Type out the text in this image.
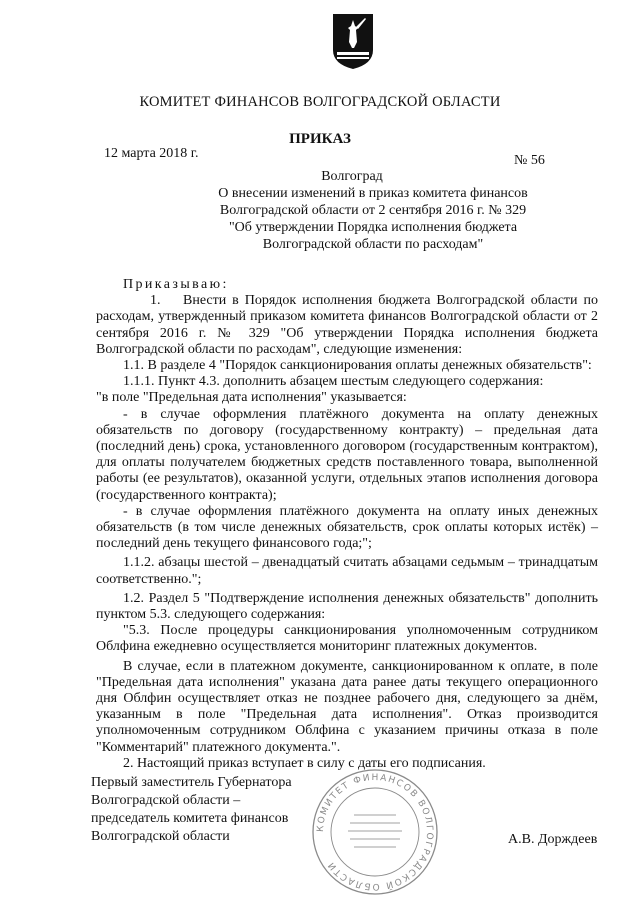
КОМИТЕТ ФИНАНСОВ ВОЛГОГРАДСКОЙ ОБЛАСТИ
ПРИКАЗ
12 марта 2018 г.	№ 56
Волгоград
О внесении изменений в приказ комитета финансов
Волгоградской области от 2 сентября 2016 г. № 329
"Об утверждении Порядка исполнения бюджета
Волгоградской области по расходам"

Приказываю:

1. Внести в Порядок исполнения бюджета Волгоградской области по расходам, утвержденный приказом комитета финансов Волгоградской области от 2 сентября 2016 г. № 329 "Об утверждении Порядка исполнения бюджета Волгоградской области по расходам", следующие изменения:

1.1. В разделе 4 "Порядок санкционирования оплаты денежных обязательств":

1.1.1. Пункт 4.3. дополнить абзацем шестым следующего содержания:

"в поле "Предельная дата исполнения" указывается:

- в случае оформления платёжного документа на оплату денежных обязательств по договору (государственному контракту) – предельная дата (последний день) срока, установленного договором (государственным контрактом), для оплаты получателем бюджетных средств поставленного товара, выполненной работы (ее результатов), оказанной услуги, отдельных этапов исполнения договора (государственного контракта);

- в случае оформления платёжного документа на оплату иных денежных обязательств (в том числе денежных обязательств, срок оплаты которых истёк) – последний день текущего финансового года;";

1.1.2. абзацы шестой – двенадцатый считать абзацами седьмым – тринадцатым соответственно.";

1.2. Раздел 5 "Подтверждение исполнения денежных обязательств" дополнить пунктом 5.3. следующего содержания:

"5.3. После процедуры санкционирования уполномоченным сотрудником Облфина ежедневно осуществляется мониторинг платежных документов.

В случае, если в платежном документе, санкционированном к оплате, в поле "Предельная дата исполнения" указана дата ранее даты текущего операционного дня Облфин осуществляет отказ не позднее рабочего дня, следующего за днём, указанным в поле "Предельная дата исполнения". Отказ производится уполномоченным сотрудником Облфина с указанием причины отказа в поле "Комментарий" платежного документа.".

2. Настоящий приказ вступает в силу с даты его подписания.

КОМИТЕТ ФИНАНСОВ ВОЛГОГРАДСКОЙ ОБЛАСТИ
Первый заместитель Губернатора
Волгоградской области –
председатель комитета финансов
Волгоградской области	А.В. Дорждеев
